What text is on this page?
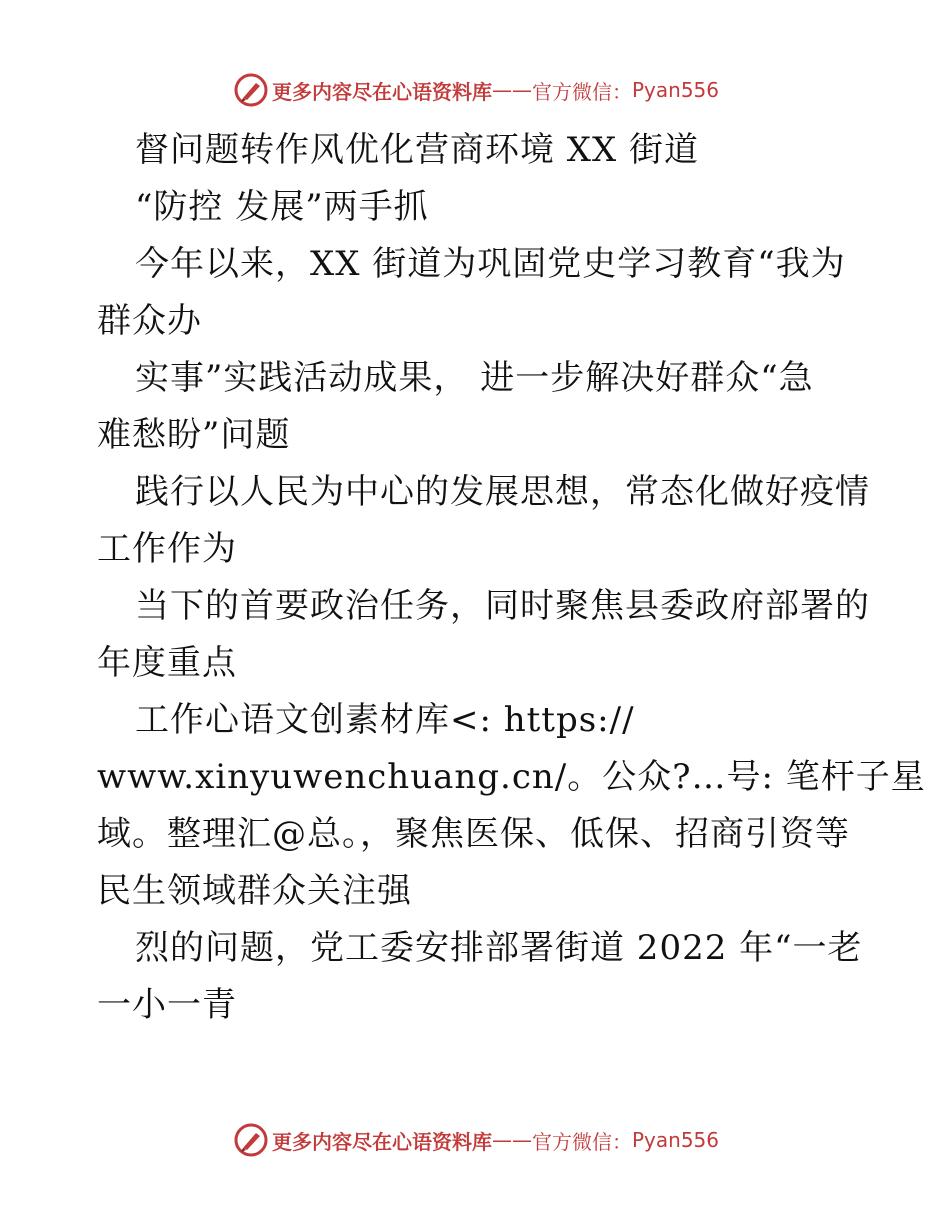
更多内容尽在心语资料库 —— 官方微信： Pyan556
督问题转作风优化营商环境 XX 街道
“防控 发展”两手抓
今年以来，XX 街道为巩固党史学习教育“我为
群众办
实事”实践活动成果， 进一步解决好群众“急
难愁盼”问题
践行以人民为中心的发展思想，常态化做好疫情
工作作为
当下的首要政治任务，同时聚焦县委政府部署的
年度重点
工作心语文创素材库<: https://
www.xinyuwenchuang.cn/。公众?…号: 笔杆子星
域。整理汇@总。，聚焦医保、低保、招商引资等
民生领域群众关注强
烈的问题，党工委安排部署街道 2022 年“一老
一小一青
更多内容尽在心语资料库 —— 官方微信： Pyan556
